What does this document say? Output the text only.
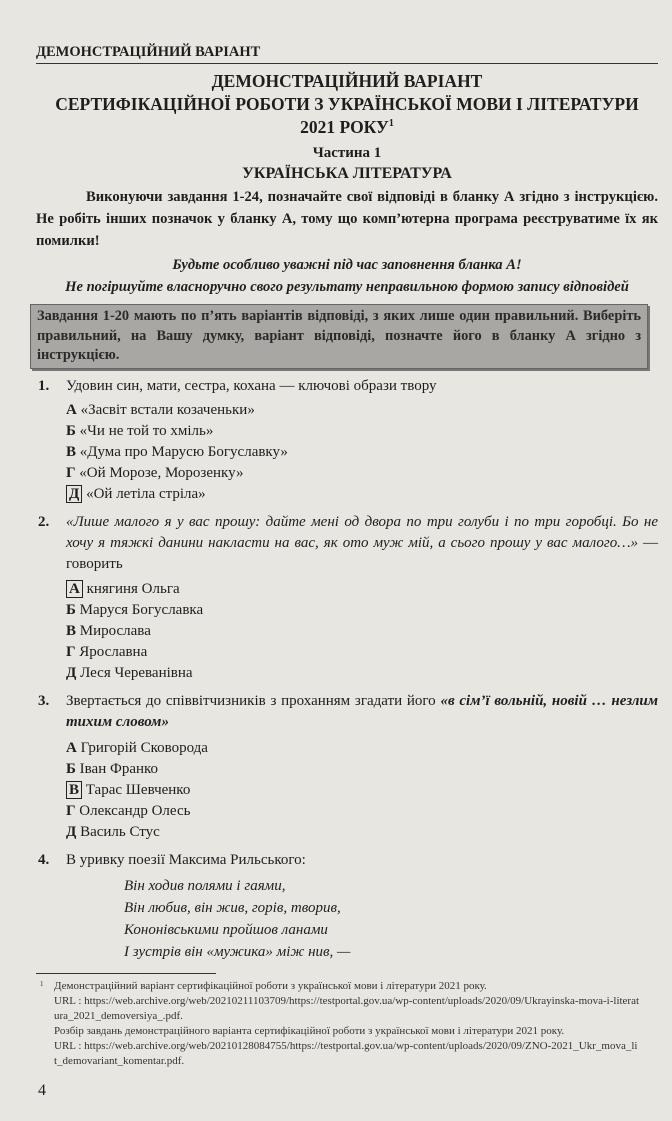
ДЕМОНСТРАЦІЙНИЙ ВАРІАНТ
ДЕМОНСТРАЦІЙНИЙ ВАРІАНТ
СЕРТИФІКАЦІЙНОЇ РОБОТИ З УКРАЇНСЬКОЇ МОВИ І ЛІТЕРАТУРИ
2021 РОКУ$^1$
Частина 1
УКРАЇНСЬКА ЛІТЕРАТУРА
Виконуючи завдання 1-24, позначайте свої відповіді в бланку А згідно з інструкцією. Не робіть інших позначок у бланку А, тому що комп’ютерна програма реєструватиме їх як помилки!
Будьте особливо уважні під час заповнення бланка А!
Не погіршуйте власноручно свого результату неправильною формою запису відповідей
Завдання 1-20 мають по п’ять варіантів відповіді, з яких лише один правильний. Виберіть правильний, на Вашу думку, варіант відповіді, позначте його в бланку А згідно з інструкцією.
1. Удовин син, мати, сестра, кохана — ключові образи твору
А «Засвіт встали козаченьки»
Б «Чи не той то хміль»
В «Дума про Марусю Богуславку»
Г «Ой Морозе, Морозенку»
Д «Ой летіла стріла»
2. «Лише малого я у вас прошу: дайте мені од двора по три голуби і по три горобці. Бо не хочу я тяжкі данини накласти на вас, як ото муж мій, а сього прошу у вас малого…» — говорить
А княгиня Ольга
Б Маруся Богуславка
В Мирослава
Г Ярославна
Д Леся Череванівна
3. Звертається до співвітчизників з проханням згадати його «в сім’ї вольній, новій … незлим тихим словом»
А Григорій Сковорода
Б Іван Франко
В Тарас Шевченко
Г Олександр Олесь
Д Василь Стус
4. В уривку поезії Максима Рильського:
Він ходив полями і гаями,
Він любив, він жив, горів, творив,
Кононівськими пройшов ланами
І зустрів він «мужика» між нив, —
1 Демонстраційний варіант сертифікаційної роботи з української мови і літератури 2021 року.
URL : https://web.archive.org/web/20210211103709/https://testportal.gov.ua/wp-content/uploads/2020/09/Ukrayinska-mova-i-literatura_2021_demoversiya_.pdf.
Розбір завдань демонстраційного варіанта сертифікаційної роботи з української мови і літератури 2021 року.
URL : https://web.archive.org/web/20210128084755/https://testportal.gov.ua/wp-content/uploads/2020/09/ZNO-2021_Ukr_mova_lit_demovariant_komentar.pdf.
4
